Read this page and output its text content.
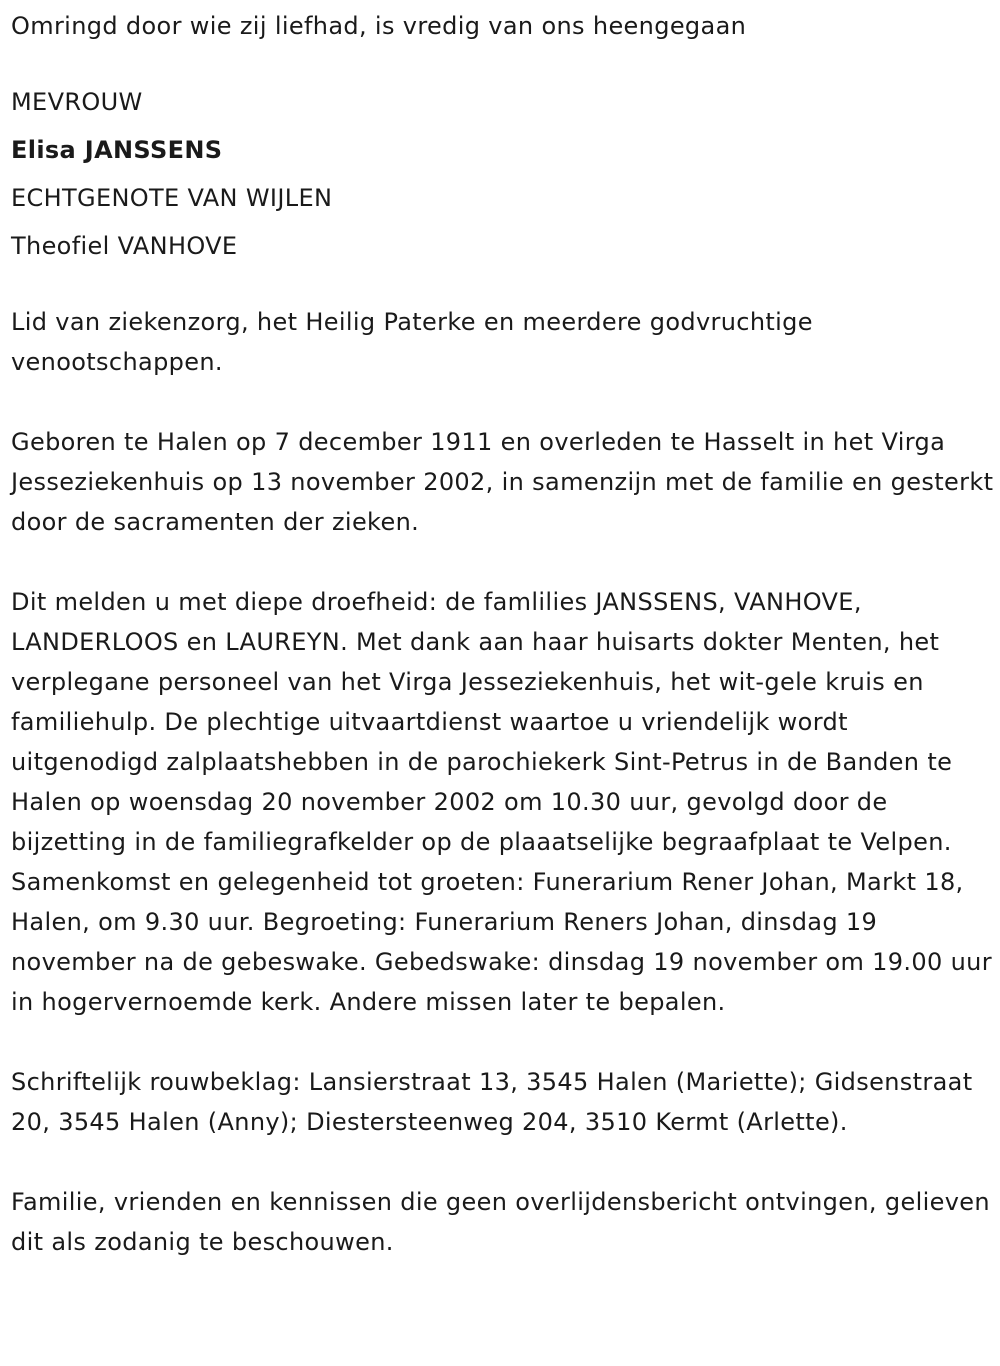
Omringd door wie zij liefhad, is vredig van ons heengegaan

MEVROUW

Elisa JANSSENS

ECHTGENOTE VAN WIJLEN

Theofiel VANHOVE

Lid van ziekenzorg, het Heilig Paterke en meerdere godvruchtige venootschappen.

Geboren te Halen op 7 december 1911 en overleden te Hasselt in het Virga Jesseziekenhuis op 13 november 2002, in samenzijn met de familie en gesterkt door de sacramenten der zieken.

Dit melden u met diepe droefheid: de famlilies JANSSENS, VANHOVE, LANDERLOOS en LAUREYN. Met dank aan haar huisarts dokter Menten, het verplegane personeel van het Virga Jesseziekenhuis, het wit-gele kruis en familiehulp. De plechtige uitvaartdienst waartoe u vriendelijk wordt uitgenodigd zalplaatshebben in de parochiekerk Sint-Petrus in de Banden te Halen op woensdag 20 november 2002 om 10.30 uur, gevolgd door de bijzetting in de familiegrafkelder op de plaaatselijke begraafplaat te Velpen. Samenkomst en gelegenheid tot groeten: Funerarium Rener Johan, Markt 18, Halen, om 9.30 uur. Begroeting: Funerarium Reners Johan, dinsdag 19 november na de gebeswake. Gebedswake: dinsdag 19 november om 19.00 uur in hogervernoemde kerk. Andere missen later te bepalen.

Schriftelijk rouwbeklag: Lansierstraat 13, 3545 Halen (Mariette); Gidsenstraat 20, 3545 Halen (Anny); Diestersteenweg 204, 3510 Kermt (Arlette).

Familie, vrienden en kennissen die geen overlijdensbericht ontvingen, gelieven dit als zodanig te beschouwen.
